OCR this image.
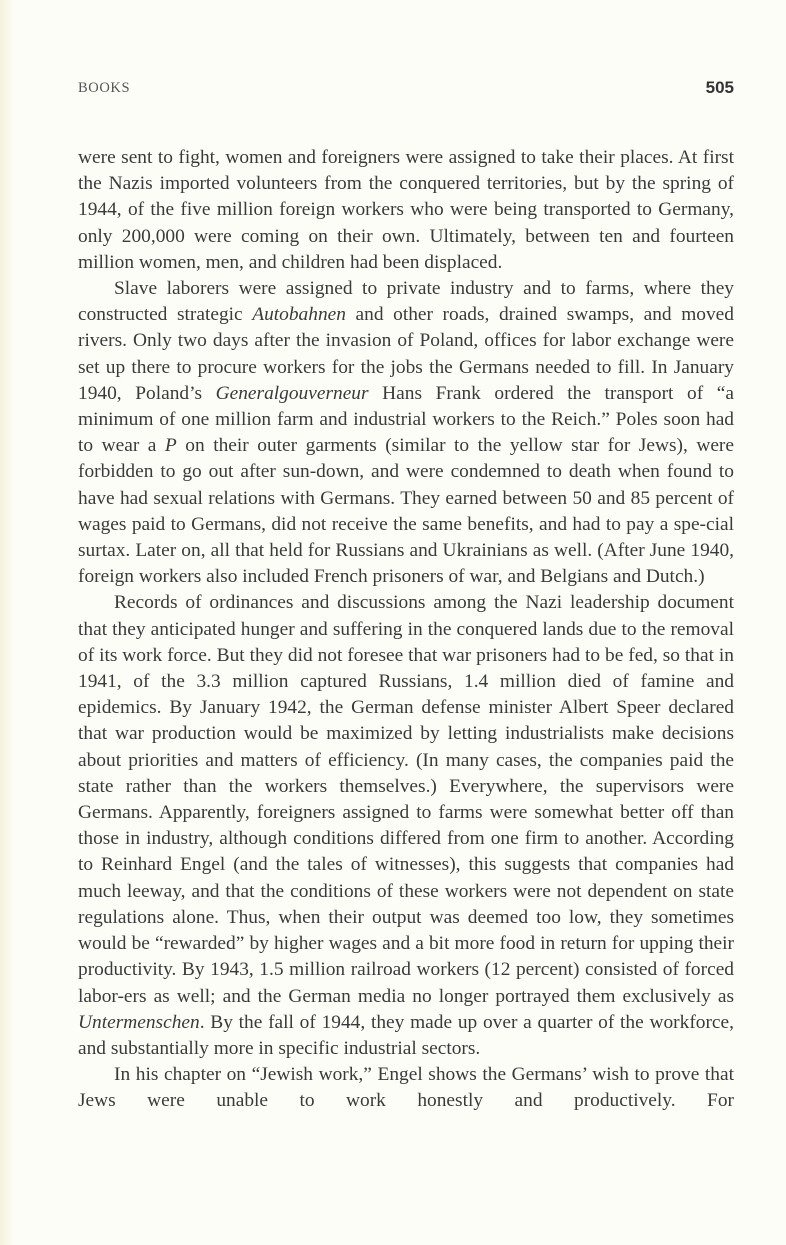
BOOKS	505

were sent to fight, women and foreigners were assigned to take their places. At first the Nazis imported volunteers from the conquered territories, but by the spring of 1944, of the five million foreign workers who were being transported to Germany, only 200,000 were coming on their own. Ultimately, between ten and fourteen million women, men, and children had been displaced.

Slave laborers were assigned to private industry and to farms, where they constructed strategic Autobahnen and other roads, drained swamps, and moved rivers. Only two days after the invasion of Poland, offices for labor exchange were set up there to procure workers for the jobs the Germans needed to fill. In January 1940, Poland’s Generalgouverneur Hans Frank ordered the transport of “a minimum of one million farm and industrial workers to the Reich.” Poles soon had to wear a P on their outer garments (similar to the yellow star for Jews), were forbidden to go out after sun-down, and were condemned to death when found to have had sexual relations with Germans. They earned between 50 and 85 percent of wages paid to Germans, did not receive the same benefits, and had to pay a spe-cial surtax. Later on, all that held for Russians and Ukrainians as well. (After June 1940, foreign workers also included French prisoners of war, and Belgians and Dutch.)

Records of ordinances and discussions among the Nazi leadership document that they anticipated hunger and suffering in the conquered lands due to the removal of its work force. But they did not foresee that war prisoners had to be fed, so that in 1941, of the 3.3 million captured Russians, 1.4 million died of famine and epidemics. By January 1942, the German defense minister Albert Speer declared that war production would be maximized by letting industrialists make decisions about priorities and matters of efficiency. (In many cases, the companies paid the state rather than the workers themselves.) Everywhere, the supervisors were Germans. Apparently, foreigners assigned to farms were somewhat better off than those in industry, although conditions differed from one firm to another. According to Reinhard Engel (and the tales of witnesses), this suggests that companies had much leeway, and that the conditions of these workers were not dependent on state regulations alone. Thus, when their output was deemed too low, they sometimes would be “rewarded” by higher wages and a bit more food in return for upping their productivity. By 1943, 1.5 million railroad workers (12 percent) consisted of forced labor-ers as well; and the German media no longer portrayed them exclusively as Untermenschen. By the fall of 1944, they made up over a quarter of the workforce, and substantially more in specific industrial sectors.

In his chapter on “Jewish work,” Engel shows the Germans’ wish to prove that Jews were unable to work honestly and productively. For
